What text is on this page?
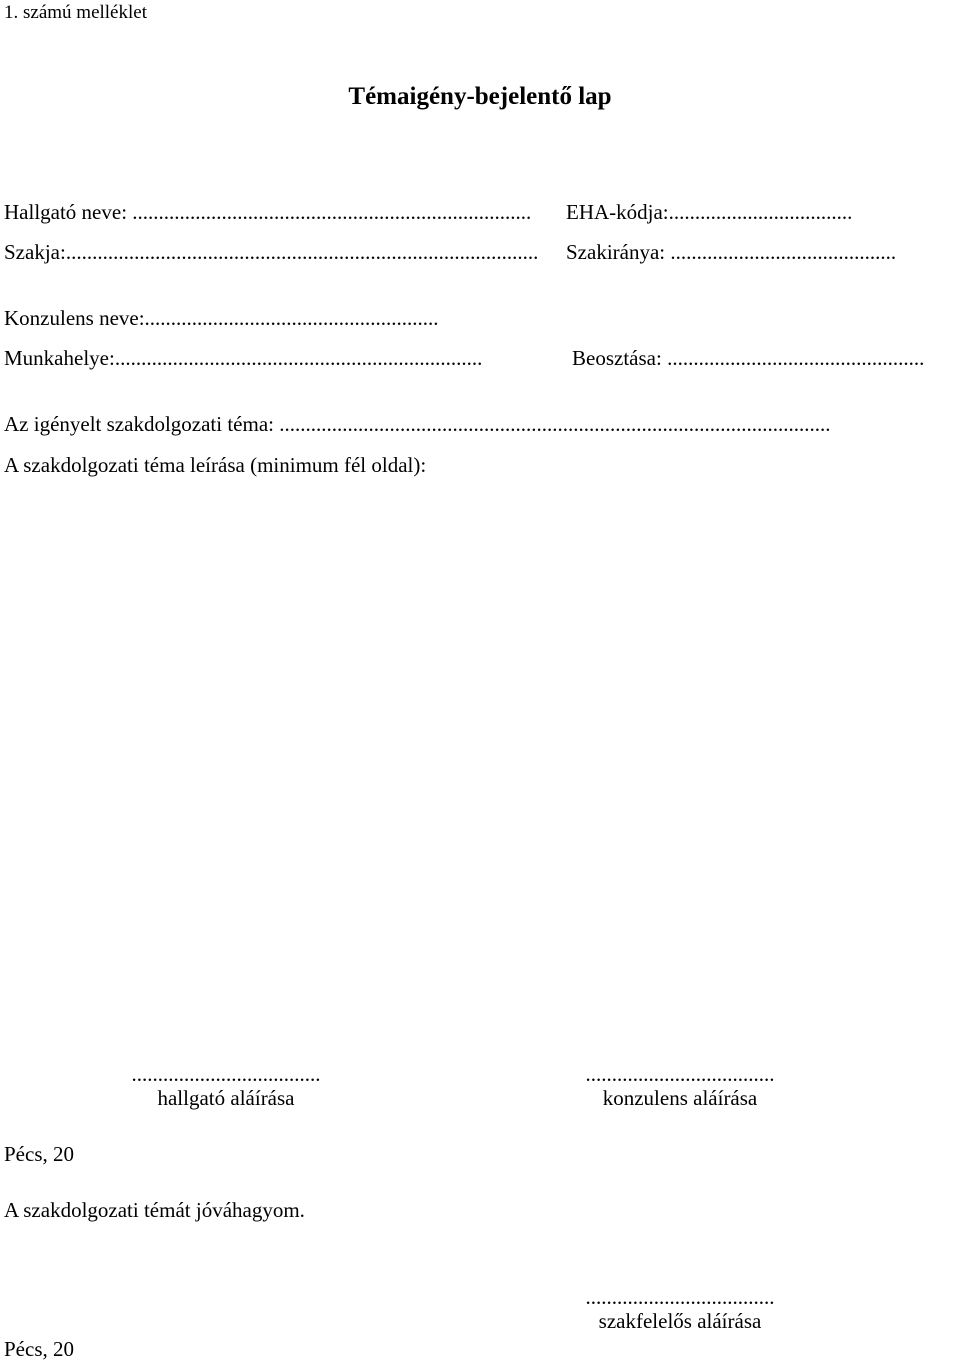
1. számú melléklet
Témaigény-bejelentő lap
Hallgató neve: ............................................................................ EHA-kódja:...................................
Szakja:.......................................................................................... Szakiránya: ...........................................
Konzulens neve:........................................................
Munkahelye:......................................................................	Beosztása: .................................................
Az igényelt szakdolgozati téma: .........................................................................................................
A szakdolgozati téma leírása (minimum fél oldal):
....................................
hallgató aláírása
....................................
konzulens aláírása
Pécs, 20
A szakdolgozati témát jóváhagyom.
....................................
szakfelelős aláírása
Pécs, 20
